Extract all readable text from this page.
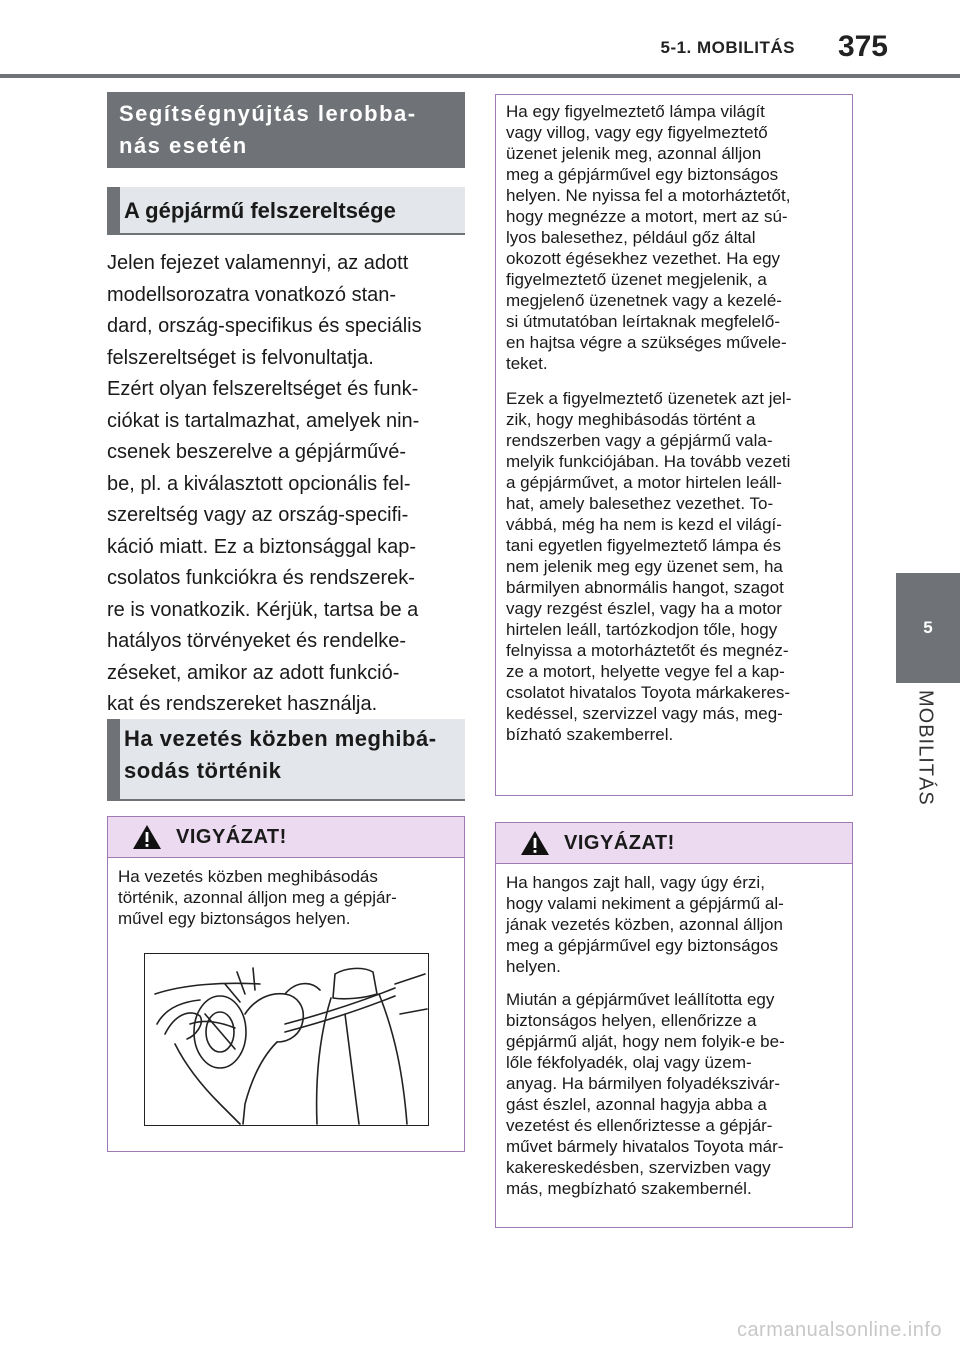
5-1. MOBILITÁS 375
5
MOBILITÁS
Segítségnyújtás lerobba-
nás esetén
A gépjármű felszereltsége
Jelen fejezet valamennyi, az adott
modellsorozatra vonatkozó stan-
dard, ország-specifikus és speciális
felszereltséget is felvonultatja.
Ezért olyan felszereltséget és funk-
ciókat is tartalmazhat, amelyek nin-
csenek beszerelve a gépjárművé-
be, pl. a kiválasztott opcionális fel-
szereltség vagy az ország-specifi-
káció miatt. Ez a biztonsággal kap-
csolatos funkciókra és rendszerek-
re is vonatkozik. Kérjük, tartsa be a
hatályos törvényeket és rendelke-
zéseket, amikor az adott funkció-
kat és rendszereket használja.
Ha vezetés közben meghibá-
sodás történik
VIGYÁZAT!
Ha vezetés közben meghibásodás
történik, azonnal álljon meg a gépjár-
művel egy biztonságos helyen.

Ha egy figyelmeztető lámpa világít
vagy villog, vagy egy figyelmeztető
üzenet jelenik meg, azonnal álljon
meg a gépjárművel egy biztonságos
helyen. Ne nyissa fel a motorháztetőt,
hogy megnézze a motort, mert az sú-
lyos balesethez, például gőz által
okozott égésekhez vezethet. Ha egy
figyelmeztető üzenet megjelenik, a
megjelenő üzenetnek vagy a kezelé-
si útmutatóban leírtaknak megfelelő-
en hajtsa végre a szükséges művele-
teket.

Ezek a figyelmeztető üzenetek azt jel-
zik, hogy meghibásodás történt a
rendszerben vagy a gépjármű vala-
melyik funkciójában. Ha tovább vezeti
a gépjárművet, a motor hirtelen leáll-
hat, amely balesethez vezethet. To-
vábbá, még ha nem is kezd el világí-
tani egyetlen figyelmeztető lámpa és
nem jelenik meg egy üzenet sem, ha
bármilyen abnormális hangot, szagot
vagy rezgést észlel, vagy ha a motor
hirtelen leáll, tartózkodjon tőle, hogy
felnyissa a motorháztetőt és megnéz-
ze a motort, helyette vegye fel a kap-
csolatot hivatalos Toyota márkakeres-
kedéssel, szervizzel vagy más, meg-
bízható szakemberrel.

VIGYÁZAT!

Ha hangos zajt hall, vagy úgy érzi,
hogy valami nekiment a gépjármű al-
jának vezetés közben, azonnal álljon
meg a gépjárművel egy biztonságos
helyen.

Miután a gépjárművet leállította egy
biztonságos helyen, ellenőrizze a
gépjármű alját, hogy nem folyik-e be-
lőle fékfolyadék, olaj vagy üzem-
anyag. Ha bármilyen folyadékszivár-
gást észlel, azonnal hagyja abba a
vezetést és ellenőriztesse a gépjár-
művet bármely hivatalos Toyota már-
kakereskedésben, szervizben vagy
más, megbízható szakembernél.

carmanualsonline.info
